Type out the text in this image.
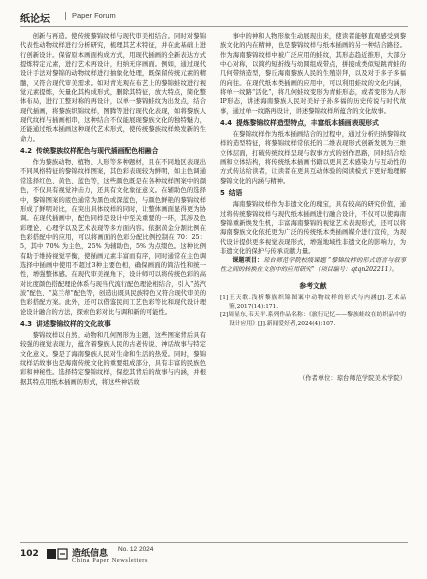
纸论坛 | Paper Forum

创新与再造。使传统黎锦纹样与现代审美相结合。同时对黎锦代表性动物纹样进行分析研究，梳理其艺术特征，并在此基础上进行创新设计。保留原本画面构成方式，用现代插画的全新表达方式提炼特定元素，进行艺术再设计，归纳无序画面。例如，通过现代设计手法对黎锦的动物纹样进行抽象化处理，既保留传统元素的精髓，又符合现代审美需求。如对青光观在布艺上的黎锦蛙纹进行视觉元素提炼，矢量化其构成形式，删除其特征，放大特点，简化整体布局，进行工整对称的再设计，以单一黎锦蛙纹为出发点，结合现代插画，将黎族织锦纹样，图腾等进行现代化表现，如将黎族人现代纹样与插画相串，这种结合不仅能展现黎族文化的独特魅力，还能通过纸本插画这种现代艺术形式，使传统黎族纹样焕发新的生命力。

4.2 传统黎族纹样配色与现代插画配色相融合

作为黎族动物、植物、人形等多种题材，且在不同地区表现出不同风格特征的黎锦纹样图案，其色彩表现较为鲜明，如主色调通常选择红色、黄色、蓝色等，这些颜色既是在各种纹样图案中的颜色，不仅具有视觉冲击力，还具有文化象征意义。在辅助色的选择中，黎锦图案的底色通常为黑色或深蓝色，与颜色鲜艳的黎锦纹样形成了鲜明对比，在突出具体纹样的同时，让整体画面显得更为协调。在现代插画中，配色同样是设计中至关重要的一环，其涉及色彩理论、心理学以及艺术表现等多方面内容。依据黄金分割比例在色彩搭配中的应用，可以将画面的色彩分配比例控制在 70：25：5，其中 70% 为主色，25% 为辅助色，5% 为点缀色。这种比例有助于维持视觉平衡，使插画元素丰富而有序，同时通常在主色调选择中插画中使用不超过3种主要色相，确保画面的简洁性和统一性，增强整体感。在现代审美视角下，设计师可以将传统色彩的高对比度颜色搭配理论体系与现当代流行配色理论相结合，引入“蒸汽波”配色、“莫兰蒂”配色等，创造出既具民族特色又符合现代审美的色彩搭配方案。此外，还可以借鉴民间工艺色彩等比和现代设计理论设计融合的方法，探索色彩对比与调和新的可能性。

4.3 讲述黎锦纹样的文化故事

黎锦纹样以自然、动物和几何图形为主题，这些图案背后具有较强的视觉表现力，蕴含着黎族人民的古老传说、神话故事与特定文化意义。黎是了海南黎族人民对生命和生活的热爱。同时，黎锦纹样话故事也是海南传统文化的重要组成部分，具有丰富的民族色彩和神秘性。选择特定黎锦纹样，保挖其背后的故事与内涵，并根据其特点用纸本插画的形式，将这些神话故

事中的神和人物形象生动展现出来，使读者能够直观感受到黎族文化的内在精神，也是黎锦纹样与纸本插画的另一种结合路径。作为海南黎锦纹样中被广泛应用的蛙纹，其形态趋近推形，大部分中心对称，以简约短折线与幼圆组成带点，拼接成类似短跳青蛙的几何带纳造型，黎丘海南黎族人民的生殖崇拜，以及对于多子多福的向往。在现代纸本类插画的应用中，可以利用蛙纹的文化内涵，将单一纹路“活化”，将几何蛙纹变形为青蛙形态，或者变形为人形IP形态，讲述海南黎族人民对美好子孙多福的历史传说与时代故事，通过单一纹路再设计，讲述黎锦纹样所蕴含的文化故事。

4.4 提炼黎锦纹样造型特点，丰富纸本插画表现形式

在黎锦纹样作为纸本插画结合的过程中，通过分析归纳黎锦纹样的造型特征，将黎锦纹样常依托的二维表现形式创新发展为三维立体层面，打破传统纹样呈现与叙事方式的创作思路，同时结合绘画和立体结构，将传统纸本插画书籍以更具艺术感染力与互动性的方式传达给读者，让读者在更具互动体验的阅读模式下更好地理解黎锦文化的内涵与精神。

5 结语

海南黎锦纹样作为非遗文化的瑰宝，具有较高的研究价值，通过将传统黎锦纹样与现代纸本插画进行融合设计，不仅可以使海南黎锦重新焕发生机，丰富海南黎锦的视觉艺术表现形式，还可以将海南黎族文化依托更为广泛的传统纸本类插画媒介进行宣传，为现代设计提供更多视觉表现形式，增强地域性非遗文化的影响力，为非遗文化的保护与传承贡献力量。

课题项目：琼台师范学院校级课题 “黎锦纹样的形式语言与叙事性之间的转换在文创中的应用研究”（项目编号：qtqn202211）。

参考文献
[1]王天歌.浅析黎族织锦图案中动物纹样的形式与内涵[J].艺术品鉴,2017(14):171.
[2]周显东,韦天平.系列作品名称：《旅行记忆——黎族蛙纹在纺织品中的设计应用》[J].新闻爱好者,2024(4):107.
（作者单位：琼台师范学院美术学院）
102	造纸信息 No. 12 2024
China Paper Newsletters
